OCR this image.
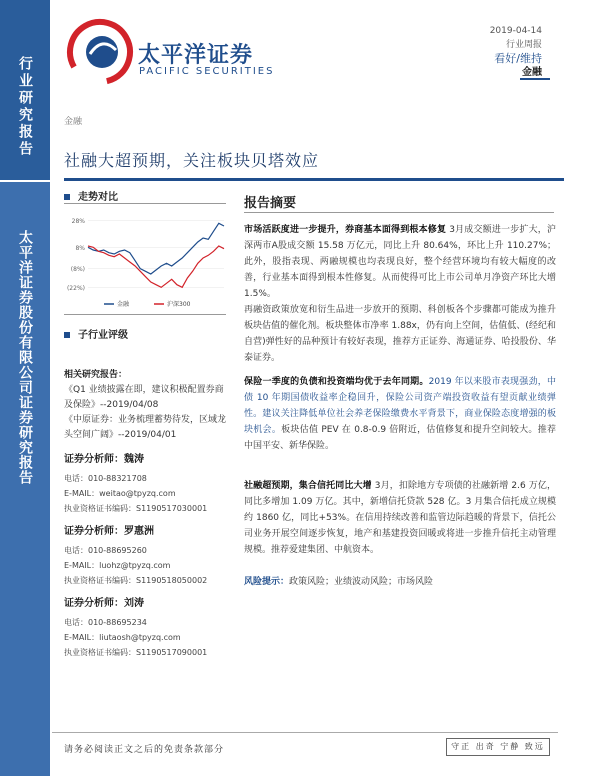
行业研究报告
太平洋证券股份有限公司证券研究报告
太平洋证券
PACIFIC SECURITIES
2019-04-14
行业周报
看好/维持
金融
金融
社融大超预期，关注板块贝塔效应
走势对比
28%
8%
(8%)
(22%)
金融	沪深300
子行业评级
相关研究报告：
《Q1 业绩披露在即，建议积极配置券商及保险》--2019/04/08
《中原证券：业务梳理蓄势待发，区域龙头空间广阔》--2019/04/01
证券分析师：魏涛
电话：010-88321708
E-MAIL：weitao@tpyzq.com
执业资格证书编码：S1190517030001
证券分析师：罗惠洲
电话：010-88695260
E-MAIL：luohz@tpyzq.com
执业资格证书编码：S1190518050002
证券分析师：刘涛
电话：010-88695234
E-MAIL：liutaosh@tpyzq.com
执业资格证书编码：S1190517090001
报告摘要
市场活跃度进一步提升，券商基本面得到根本修复 3月成交额进一步扩大，沪深两市A股成交额 15.58 万亿元，同比上升 80.64%，环比上升 110.27%；此外，股指表现、两融规模也均表现良好，整个经营环境均有较大幅度的改善，行业基本面得到根本性修复。从而使得可比上市公司单月净资产环比大增 1.5%。
再融资政策放宽和衍生品进一步放开的预期、科创板各个步骤都可能成为推升板块估值的催化剂。板块整体市净率 1.88x，仍有向上空间，估值低、(经纪和自营)弹性好的品种预计有较好表现，推荐方正证券、海通证券、哈投股份、华泰证券。
保险一季度的负债和投资端均优于去年同期。2019 年以来股市表现强劲，中债 10 年期国债收益率企稳回升，保险公司资产端投资收益有望贡献业绩弹性。建议关注降低单位社会养老保险缴费水平背景下，商业保险态度增强的板块机会。板块估值 PEV 在 0.8-0.9 倍附近，估值修复和提升空间较大。推荐中国平安、新华保险。
社融超预期，集合信托同比大增 3月，扣除地方专项债的社融新增 2.6 万亿，同比多增加 1.09 万亿。其中，新增信托贷款 528 亿。3 月集合信托成立规模约 1860 亿，同比+53%。在信用持续改善和监管边际趋暖的背景下，信托公司业务开展空间逐步恢复，地产和基建投资回暖或将进一步推升信托主动管理规模。推荐爱建集团、中航资本。
风险提示：政策风险；业绩波动风险；市场风险
请务必阅读正文之后的免责条款部分	守正 出奇 宁静 致远
